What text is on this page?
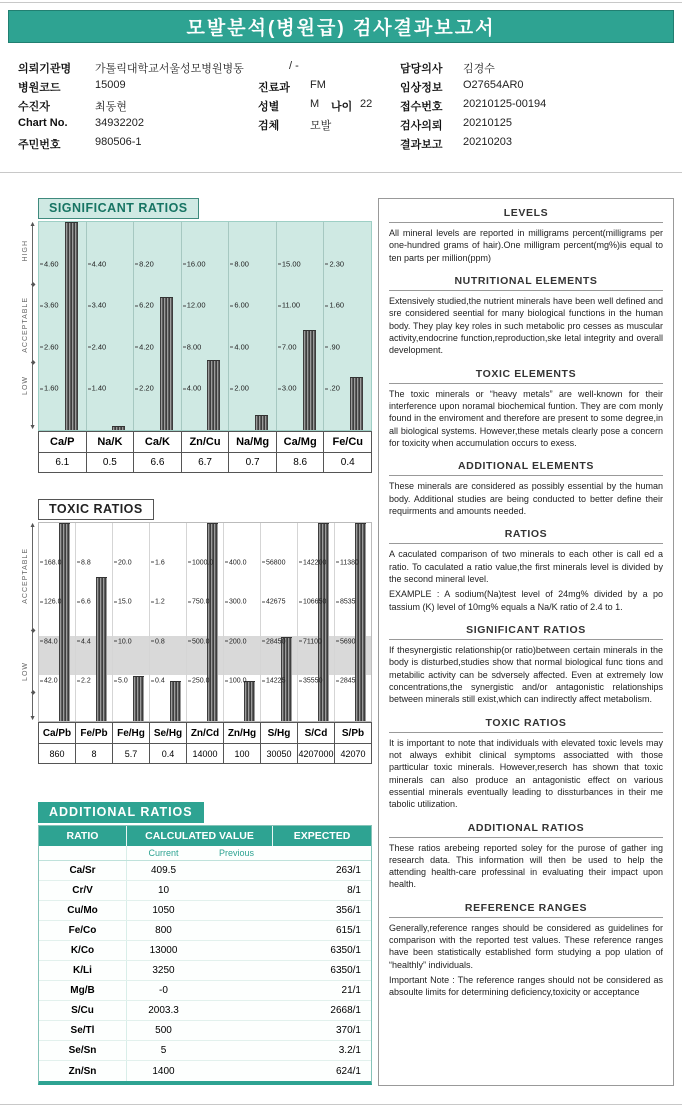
모발분석(병원급) 검사결과보고서
의뢰기관명 가톨릭대학교서울성모병원병동	/ -	담당의사 김경수
병원코드	15009	진료과 FM	임상정보 O27654AR0
수진자	최동현	성별	M 나이 22	접수번호 20210125-00194
Chart No.	34932202	검체	모발	검사의뢰 20210125
주민번호	980506-1	결과보고 20210203
SIGNIFICANT RATIOS
▲
▼
◆
◆
HIGH
ACCEPTABLE
LOW
4.60
3.60
2.60
1.60
4.40
3.40
2.40
1.40
8.20
6.20
4.20
2.20
16.00
12.00
8.00
4.00
8.00
6.00
4.00
2.00
15.00
11.00
7.00
3.00
2.30
1.60
.90
.20
Ca/P	Na/K	Ca/K	Zn/Cu	Na/Mg	Ca/Mg	Fe/Cu
6.1	0.5	6.6	6.7	0.7	8.6	0.4
TOXIC RATIOS
▲
▼
◆
◆
ACCEPTABLE
LOW
168.0
126.0
84.0
42.0
8.8
6.6
4.4
2.2
20.0
15.0
10.0
5.0
1.6
1.2
0.8
0.4
1000.0
750.0
500.0
250.0
400.0
300.0
200.0
100.0
56800
42675
28450
14225
142200
106650
71100
35550
11380
8535
5690
2845
Ca/Pb Fe/Pb Fe/Hg Se/Hg Zn/Cd Zn/Hg	S/Hg	S/Cd	S/Pb
860	8	5.7	0.4	14000	100	30050 4207000 42070
ADDITIONAL RATIOS
RATIO	CALCULATED VALUE	EXPECTED
Current	Previous
Ca/Sr	409.5	263/1
Cr/V	10	8/1
Cu/Mo	1050	356/1
Fe/Co	800	615/1
K/Co	13000	6350/1
K/Li	3250	6350/1
Mg/B	-0	21/1
S/Cu	2003.3	2668/1
Se/Tl	500	370/1
Se/Sn	5	3.2/1
Zn/Sn	1400	624/1
LEVELS

All mineral levels are reported in milligrams percent(milligrams per one-hundred grams of hair).One milligram percent(mg%)is equal to ten parts per million(ppm)

NUTRITIONAL ELEMENTS

Extensively studied,the nutrient minerals have been well defined and sre considered seential for many biological functions in the human body. They play key roles in such metabolic pro cesses as muscular activity,endocrine function,reproduction,ske letal integrity and overall development.

TOXIC ELEMENTS

The toxic minerals or “heavy metals” are well-known for their interference upon noramal biochemical funtion. They are com monly found in the enviroment and therefore are present to some degree,in all biological systems. However,these metals clearly pose a concern for toxicity when accumulation occurs to exess.

ADDITIONAL ELEMENTS

These minerals are considered as possibly essential by the human body. Additional studies are being conducted to better define their requirments and amounts needed.

RATIOS

A caculated comparison of two minerals to each other is call ed a ratio. To caculated a ratio value,the first minerals level is divided by the second mineral level.

EXAMPLE : A sodium(Na)test level of 24mg% divided by a po tassium (K) level of 10mg% equals a Na/K ratio of 2.4 to 1.

SIGNIFICANT RATIOS

If thesynergistic relationship(or ratio)between certain minerals in the body is disturbed,studies show that normal biological func tions and metabilic activity can be sdversely affected. Even at extremely low concentrations,the synergistic and/or antagonistic relationships between minerals still exist,which can indirectly affect metabolism.

TOXIC RATIOS

It is important to note that individuals with elevated toxic levels may not always exhibit clinical symptoms associatted with those partticular toxic minerals. However,reserch has shown that toxic minerals can also produce an antagonistic effect on various essential minerals eventually leading to dissturbances in their me tabolic utilization.

ADDITIONAL RATIOS

These ratios arebeing reported soley for the purose of gather ing research data. This information will then be used to help the attending health-care professinal in evaluating their impact upon health.

REFERENCE RANGES

Generally,reference ranges should be considered as guidelines for comparison with the reported test values. These reference ranges have been statistically established form studying a pop ulation of “healthly” individuals.

Important Note : The reference ranges should not be considered as absoulte limits for determining deficiency,toxicity or acceptance
